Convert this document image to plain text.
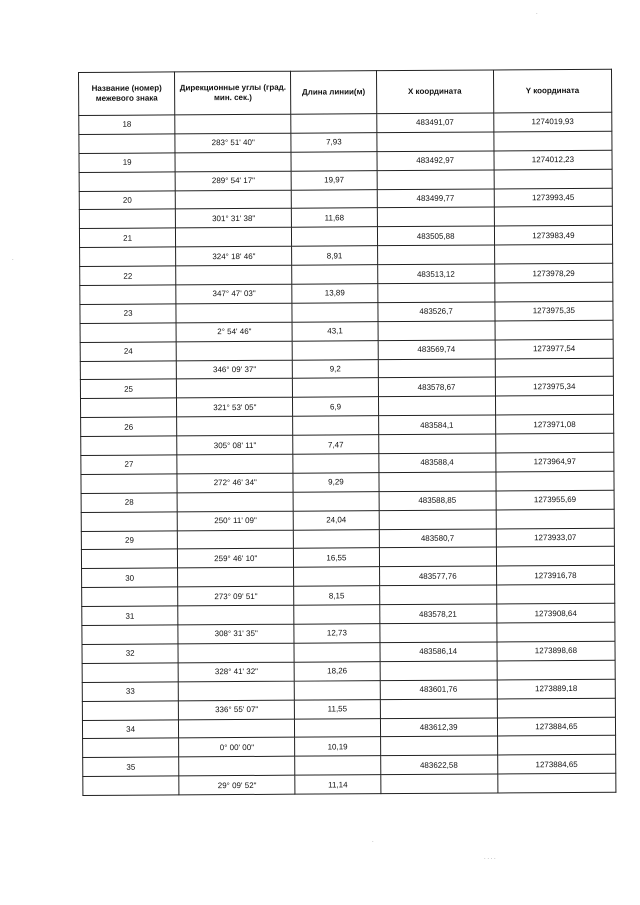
Название (номер) межевого знака	Дирекционные углы (град. мин. сек.)	Длина линии(м)	X координата	Y координата

18			483491,07	1274019,93

	283° 51' 40"	7,93		

19			483492,97	1274012,23

	289° 54' 17"	19,97		

20			483499,77	1273993,45

	301° 31' 38"	11,68		

21			483505,88	1273983,49

	324° 18' 46"	8,91		

22			483513,12	1273978,29

	347° 47' 03"	13,89		

23			483526,7	1273975,35

	2° 54' 46"	43,1		

24			483569,74	1273977,54

	346° 09' 37"	9,2		

25			483578,67	1273975,34

	321° 53' 05"	6,9		

26			483584,1	1273971,08

	305° 08' 11"	7,47		

27			483588,4	1273964,97

	272° 46' 34"	9,29		

28			483588,85	1273955,69

	250° 11' 09"	24,04		

29			483580,7	1273933,07

	259° 46' 10"	16,55		

30			483577,76	1273916,78

	273° 09' 51"	8,15		

31			483578,21	1273908,64

	308° 31' 35"	12,73		

32			483586,14	1273898,68

	328° 41' 32"	18,26		

33			483601,76	1273889,18

	336° 55' 07"	11,55		

34			483612,39	1273884,65

	0° 00' 00"	10,19		

35			483622,58	1273884,65

	29° 09' 52"	11,14		

.
.
. . . .
.
